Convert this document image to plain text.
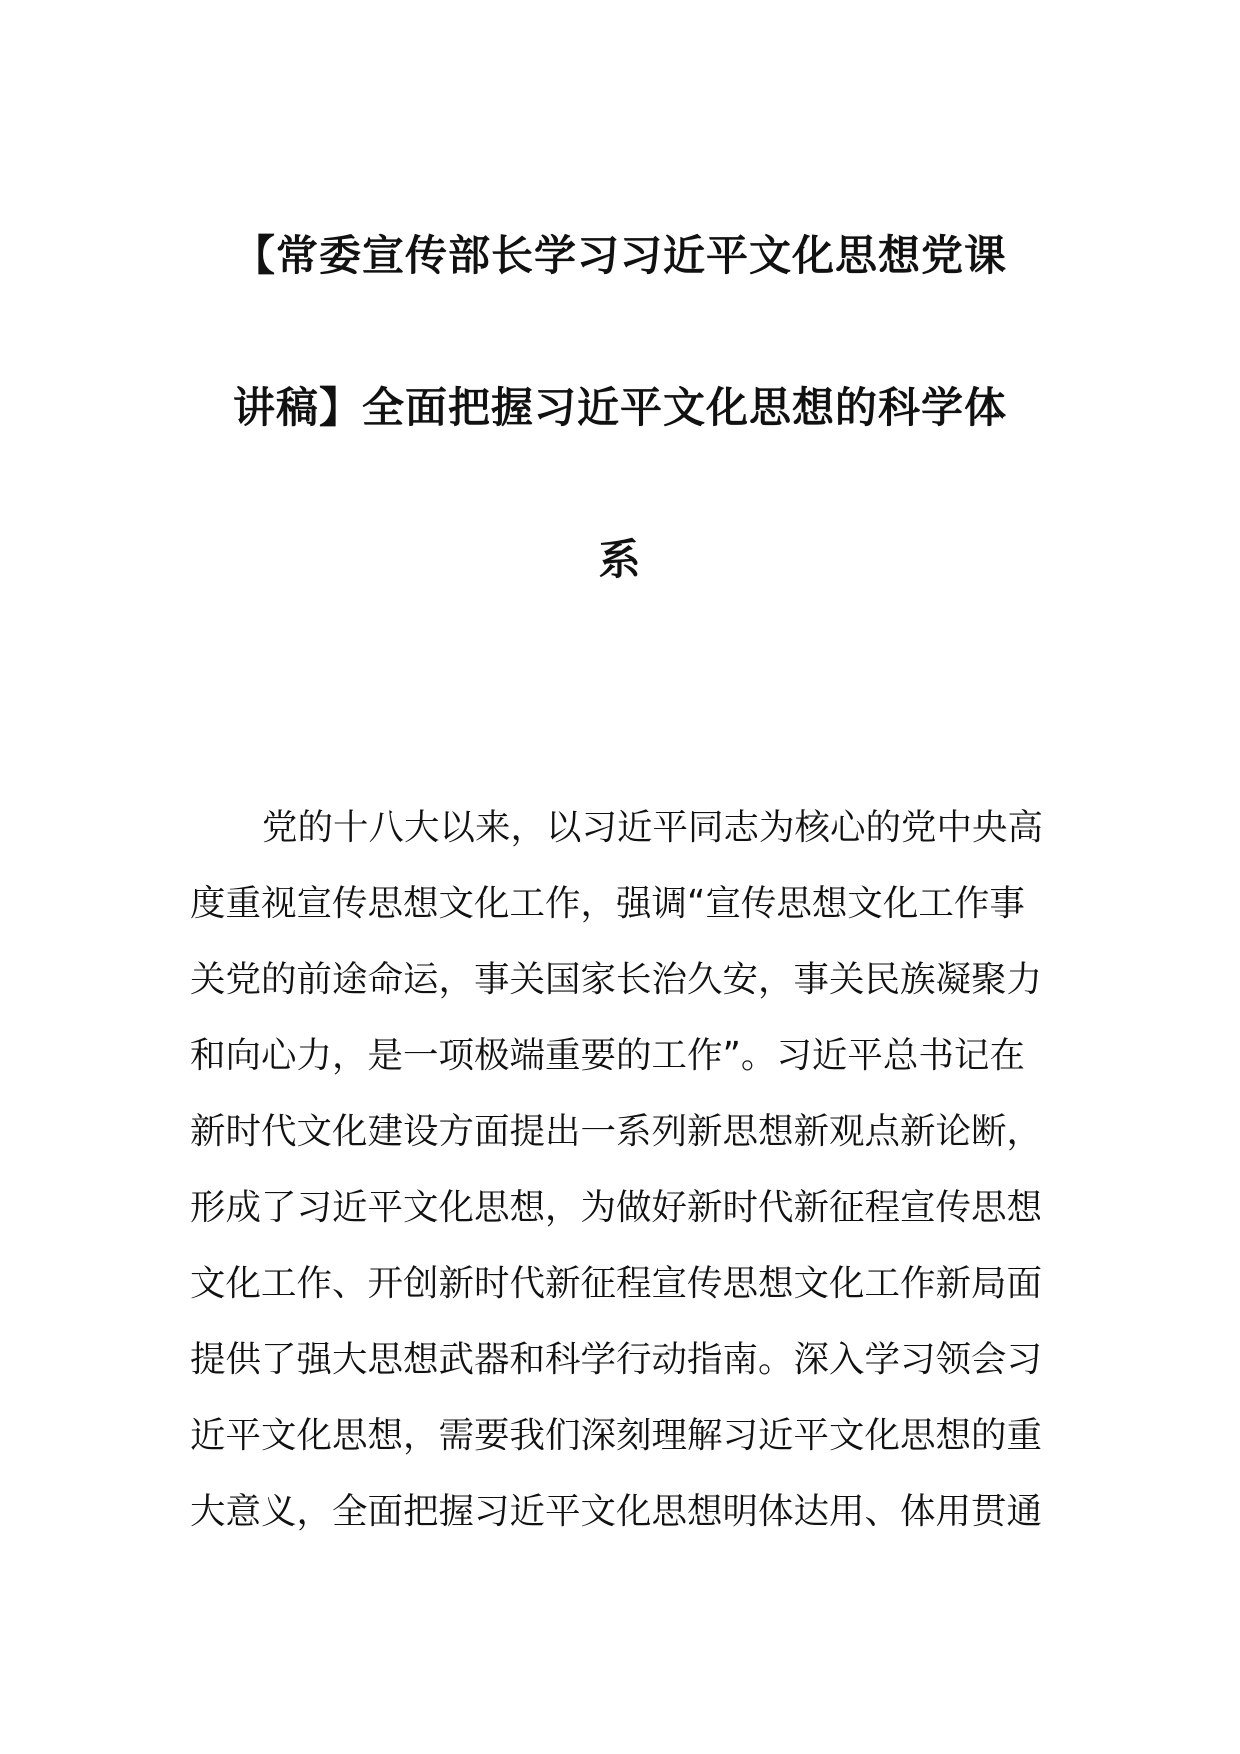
【常委宣传部长学习习近平文化思想党课
讲稿】全面把握习近平文化思想的科学体
系
党的十八大以来，以习近平同志为核心的党中央高
度重视宣传思想文化工作，强调“宣传思想文化工作事
关党的前途命运，事关国家长治久安，事关民族凝聚力
和向心力，是一项极端重要的工作”。习近平总书记在
新时代文化建设方面提出一系列新思想新观点新论断，
形成了习近平文化思想，为做好新时代新征程宣传思想
文化工作、开创新时代新征程宣传思想文化工作新局面
提供了强大思想武器和科学行动指南。深入学习领会习
近平文化思想，需要我们深刻理解习近平文化思想的重
大意义，全面把握习近平文化思想明体达用、体用贯通
